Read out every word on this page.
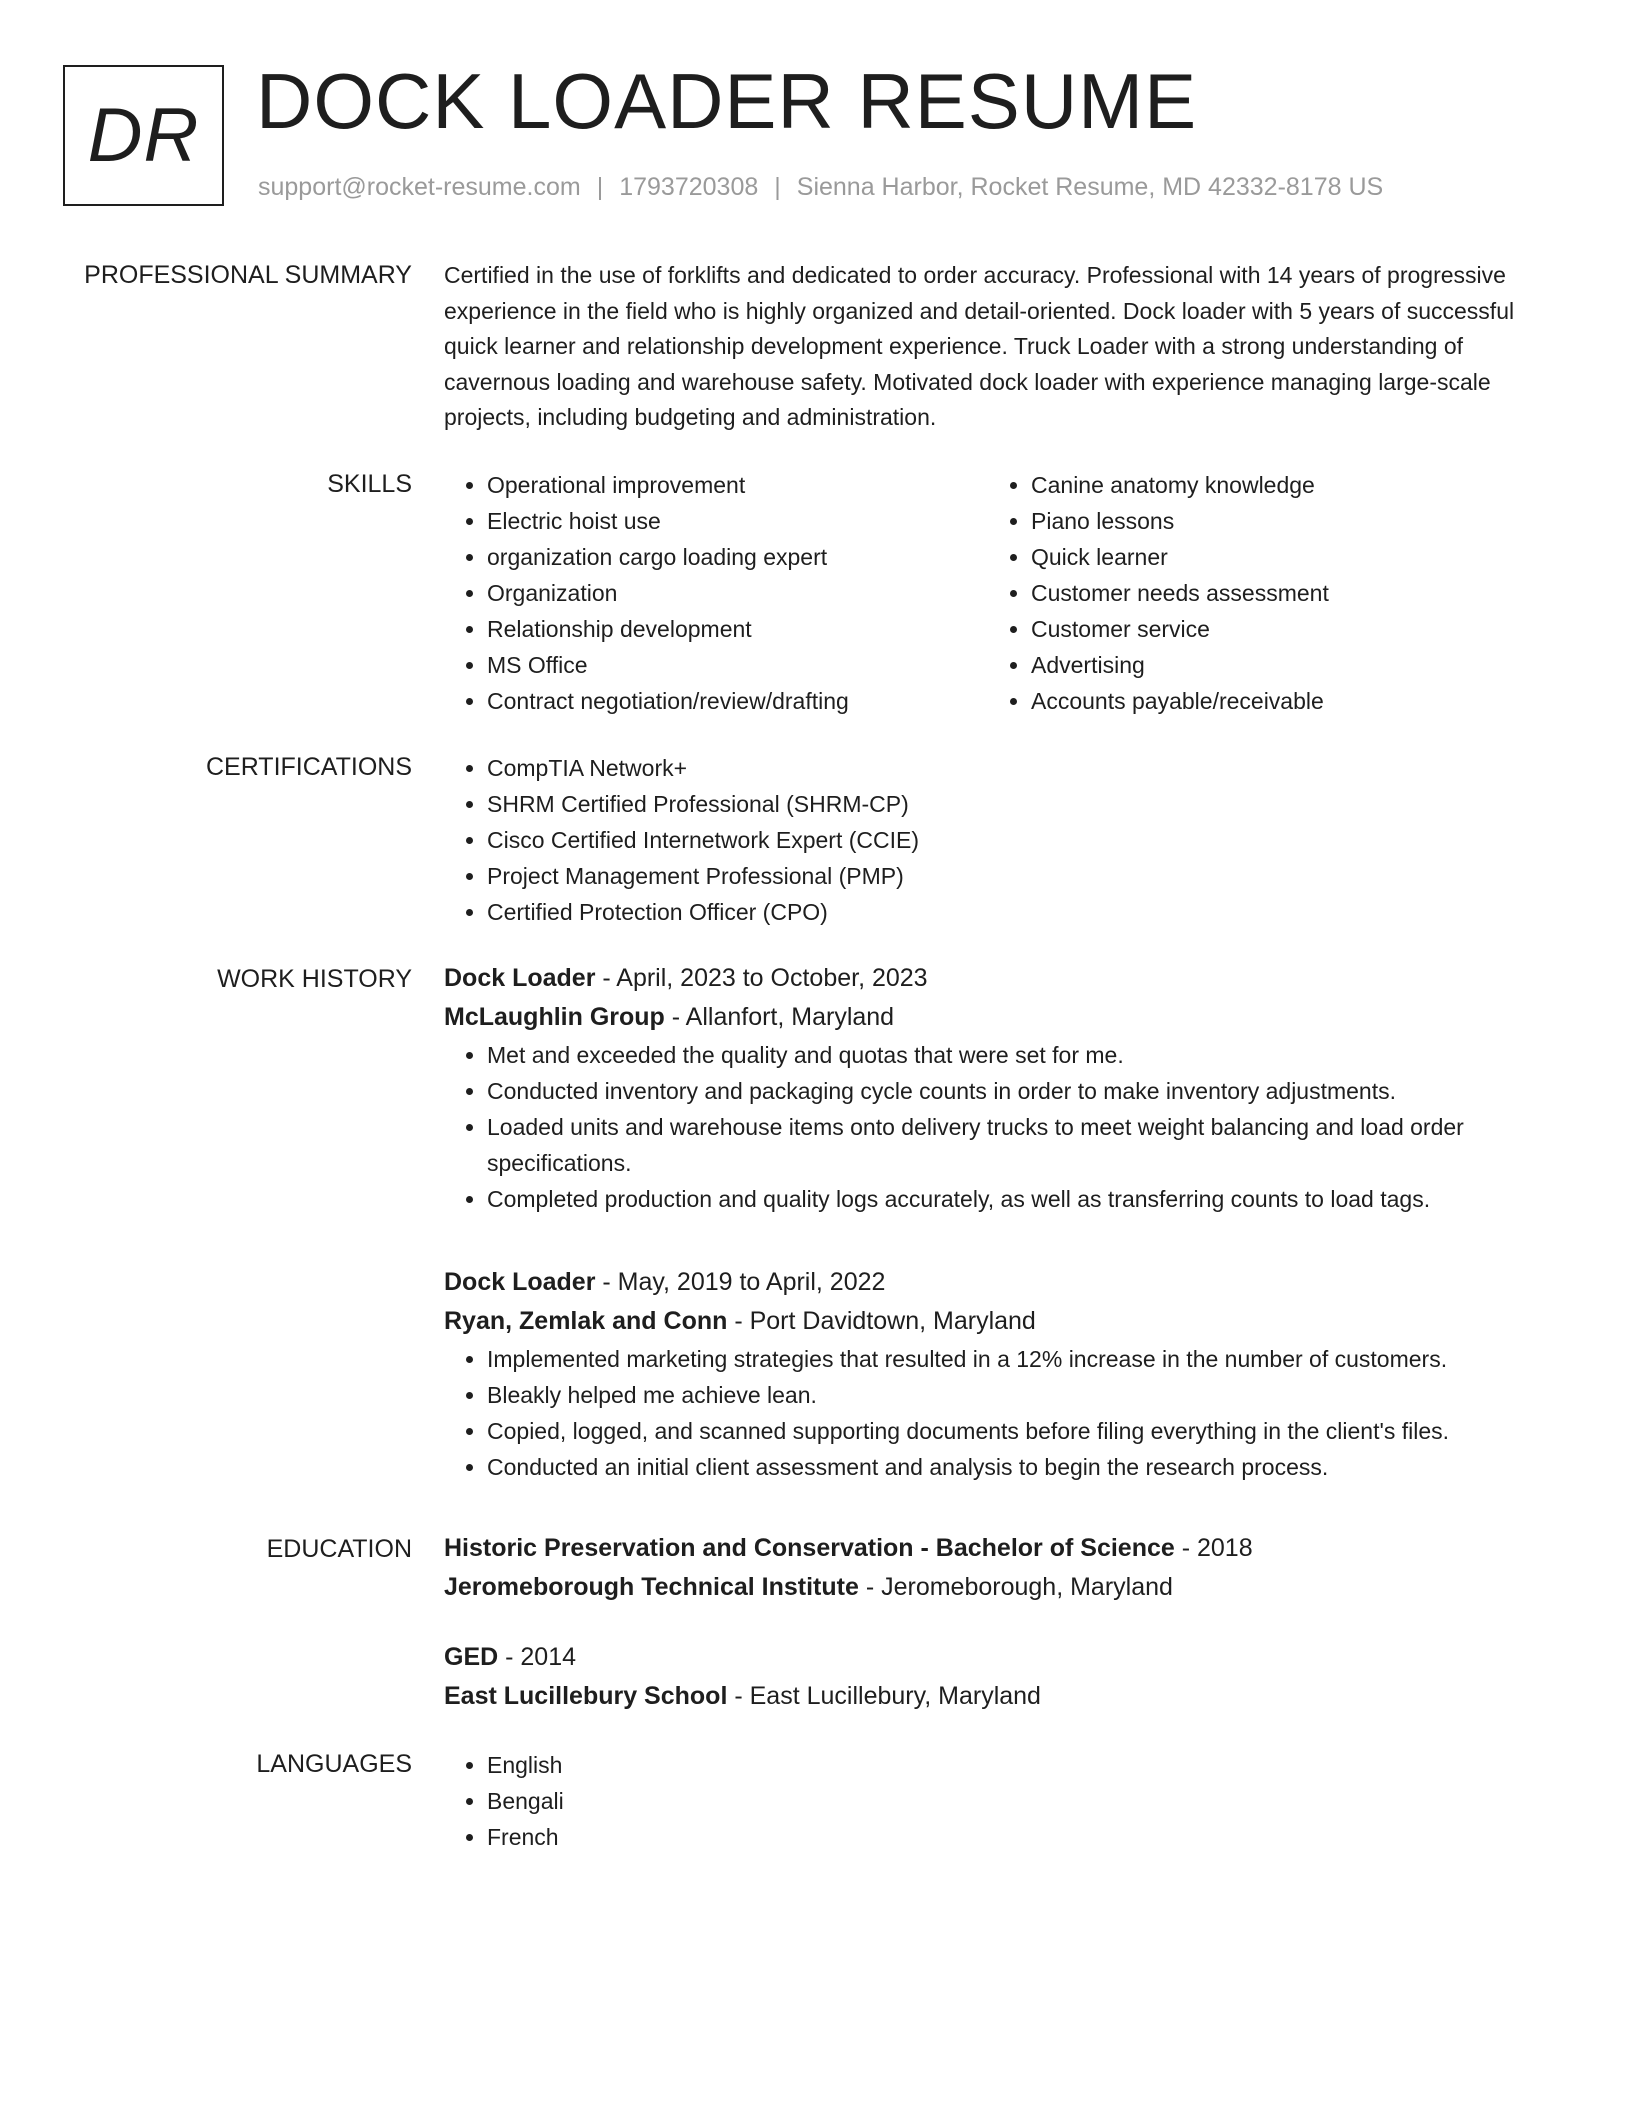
DR DOCK LOADER RESUME
support@rocket-resume.com | 1793720308 | Sienna Harbor, Rocket Resume, MD 42332-8178 US
PROFESSIONAL SUMMARY Certified in the use of forklifts and dedicated to order accuracy. Professional with 14 years of progressive experience in the field who is highly organized and detail-oriented. Dock loader with 5 years of successful quick learner and relationship development experience. Truck Loader with a strong understanding of cavernous loading and warehouse safety. Motivated dock loader with experience managing large-scale projects, including budgeting and administration.
SKILLS	• Operational improvement
• Electric hoist use
• organization cargo loading expert
• Organization
• Relationship development
• MS Office
• Contract negotiation/review/drafting
• Canine anatomy knowledge
• Piano lessons
• Quick learner
• Customer needs assessment
• Customer service
• Advertising
• Accounts payable/receivable
CERTIFICATIONS	• CompTIA Network+
• SHRM Certified Professional (SHRM-CP)
• Cisco Certified Internetwork Expert (CCIE)
• Project Management Professional (PMP)
• Certified Protection Officer (CPO)
WORK HISTORY Dock Loader - April, 2023 to October, 2023
McLaughlin Group - Allanfort, Maryland
• Met and exceeded the quality and quotas that were set for me.
• Conducted inventory and packaging cycle counts in order to make inventory adjustments.
• Loaded units and warehouse items onto delivery trucks to meet weight balancing and load order specifications.
• Completed production and quality logs accurately, as well as transferring counts to load tags.
Dock Loader - May, 2019 to April, 2022
Ryan, Zemlak and Conn - Port Davidtown, Maryland
• Implemented marketing strategies that resulted in a 12% increase in the number of customers.
• Bleakly helped me achieve lean.
• Copied, logged, and scanned supporting documents before filing everything in the client's files.
• Conducted an initial client assessment and analysis to begin the research process.
EDUCATION Historic Preservation and Conservation - Bachelor of Science - 2018
Jeromeborough Technical Institute - Jeromeborough, Maryland
GED - 2014
East Lucillebury School - East Lucillebury, Maryland
LANGUAGES	• English
• Bengali
• French
